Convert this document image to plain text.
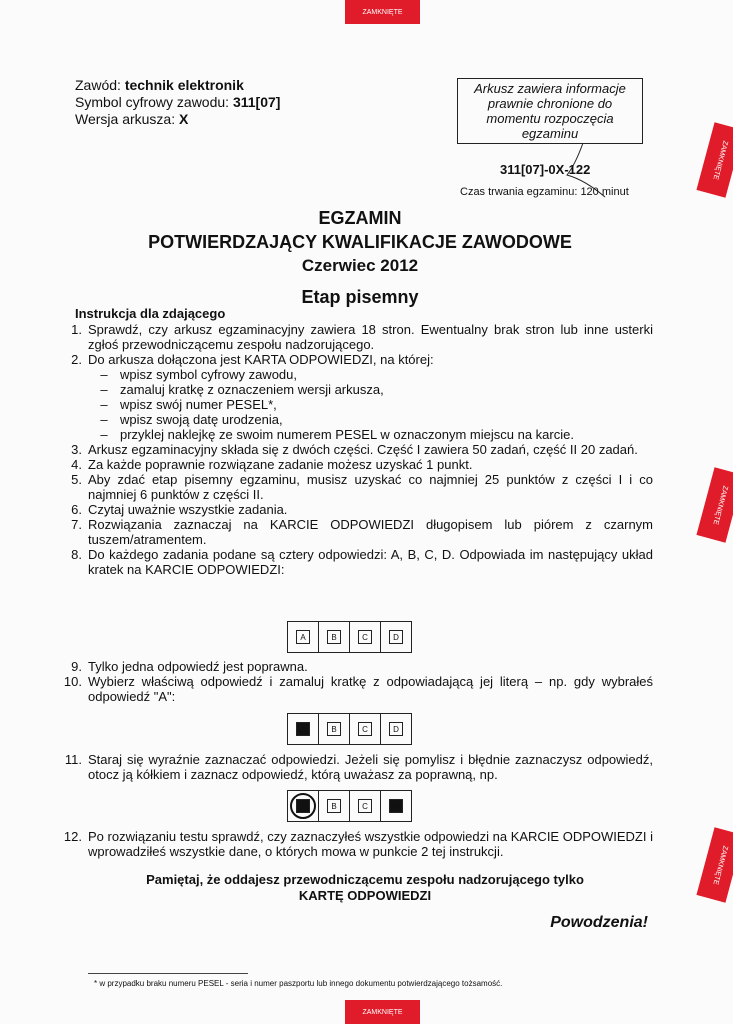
Zawód: technik elektronik
Symbol cyfrowy zawodu: 311[07]
Wersja arkusza: X
Arkusz zawiera informacje
prawnie chronione do
momentu rozpoczęcia
egzaminu
311[07]-0X-122
Czas trwania egzaminu: 120 minut
EGZAMIN
POTWIERDZAJĄCY KWALIFIKACJE ZAWODOWE
Czerwiec 2012
Etap pisemny
Instrukcja dla zdającego
1. Sprawdź, czy arkusz egzaminacyjny zawiera 18 stron. Ewentualny brak stron lub inne usterki zgłoś przewodniczącemu zespołu nadzorującego.
2. Do arkusza dołączona jest KARTA ODPOWIEDZI, na której:
– wpisz symbol cyfrowy zawodu,
– zamaluj kratkę z oznaczeniem wersji arkusza,
– wpisz swój numer PESEL*,
– wpisz swoją datę urodzenia,
– przyklej naklejkę ze swoim numerem PESEL w oznaczonym miejscu na karcie.
3. Arkusz egzaminacyjny składa się z dwóch części. Część I zawiera 50 zadań, część II 20 zadań.
4. Za każde poprawnie rozwiązane zadanie możesz uzyskać 1 punkt.
5. Aby zdać etap pisemny egzaminu, musisz uzyskać co najmniej 25 punktów z części I i co najmniej 6 punktów z części II.
6. Czytaj uważnie wszystkie zadania.
7. Rozwiązania zaznaczaj na KARCIE ODPOWIEDZI długopisem lub piórem z czarnym tuszem/atramentem.
8. Do każdego zadania podane są cztery odpowiedzi: A, B, C, D. Odpowiada im następujący układ kratek na KARCIE ODPOWIEDZI:
A	B	C	D
9. Tylko jedna odpowiedź jest poprawna.
10. Wybierz właściwą odpowiedź i zamaluj kratkę z odpowiadającą jej literą – np. gdy wybrałeś odpowiedź "A":
A	B	C	D
11. Staraj się wyraźnie zaznaczać odpowiedzi. Jeżeli się pomylisz i błędnie zaznaczysz odpowiedź, otocz ją kółkiem i zaznacz odpowiedź, którą uważasz za poprawną, np.
A	B	C	D
12. Po rozwiązaniu testu sprawdź, czy zaznaczyłeś wszystkie odpowiedzi na KARCIE ODPOWIEDZI i wprowadziłeś wszystkie dane, o których mowa w punkcie 2 tej instrukcji.
Pamiętaj, że oddajesz przewodniczącemu zespołu nadzorującego tylko
KARTĘ ODPOWIEDZI
Powodzenia!
* w przypadku braku numeru PESEL - seria i numer paszportu lub innego dokumentu potwierdzającego tożsamość.
ZAMKNIĘTE
ZAMKNIĘTE
ZAMKNIĘTE
ZAMKNIĘTE
ZAMKNIĘTE
